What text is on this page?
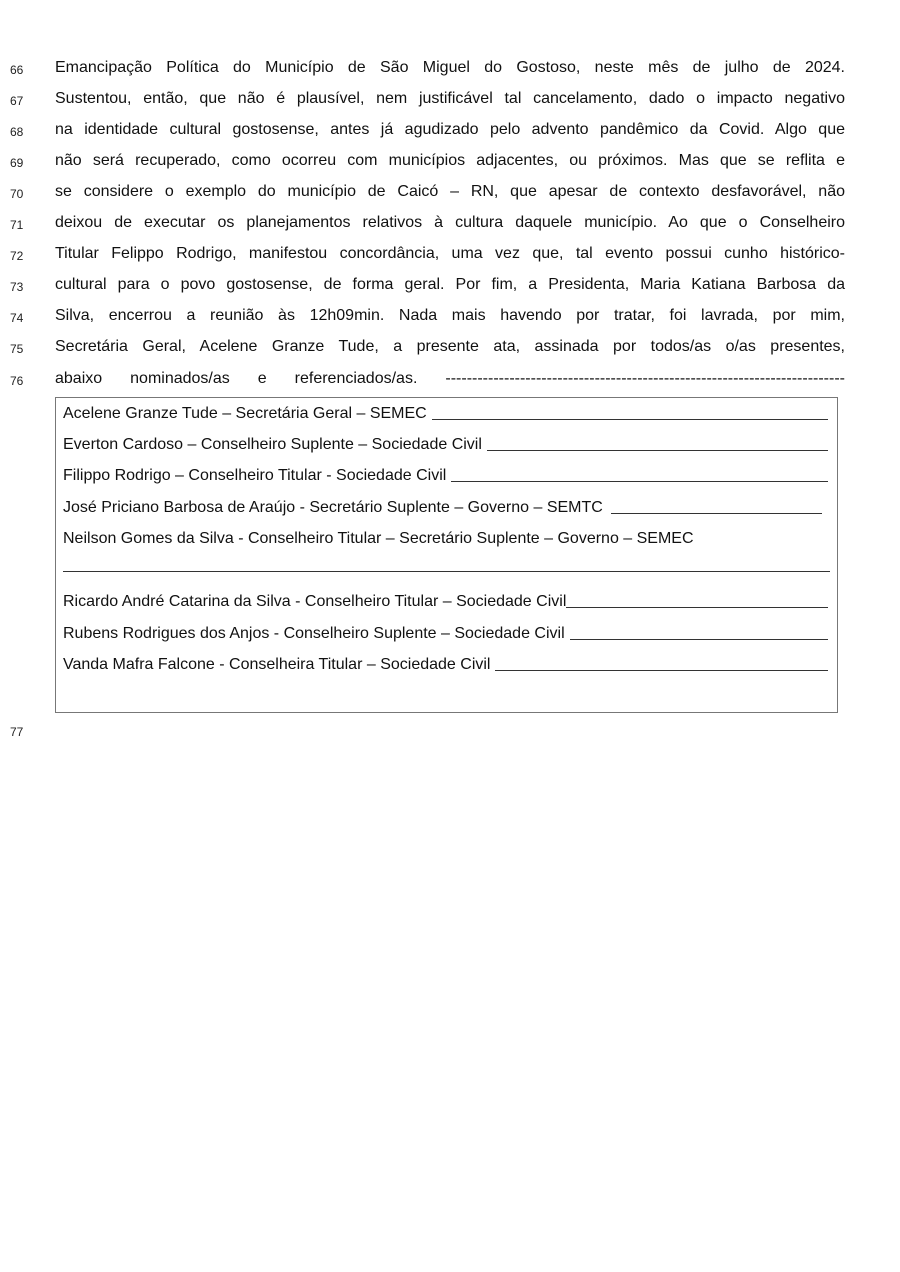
66 Emancipação Política do Município de São Miguel do Gostoso, neste mês de julho de 2024.
67 Sustentou, então, que não é plausível, nem justificável tal cancelamento, dado o impacto negativo
68 na identidade cultural gostosense, antes já agudizado pelo advento pandêmico da Covid. Algo que
69 não será recuperado, como ocorreu com municípios adjacentes, ou próximos. Mas que se reflita e
70 se considere o exemplo do município de Caicó – RN, que apesar de contexto desfavorável, não
71 deixou de executar os planejamentos relativos à cultura daquele município. Ao que o Conselheiro
72 Titular Felippo Rodrigo, manifestou concordância, uma vez que, tal evento possui cunho histórico-
73 cultural para o povo gostosense, de forma geral. Por fim, a Presidenta, Maria Katiana Barbosa da
74 Silva, encerrou a reunião às 12h09min. Nada mais havendo por tratar, foi lavrada, por mim,
75 Secretária Geral, Acelene Granze Tude, a presente ata, assinada por todos/as o/as presentes,
76 abaixo nominados/as e referenciados/as. ---------------------------------------------------------------------------
Acelene Granze Tude – Secretária Geral – SEMEC
Everton Cardoso – Conselheiro Suplente – Sociedade Civil
Filippo Rodrigo – Conselheiro Titular - Sociedade Civil
José Priciano Barbosa de Araújo - Secretário Suplente – Governo – SEMTC
Neilson Gomes da Silva - Conselheiro Titular – Secretário Suplente – Governo – SEMEC
Ricardo André Catarina da Silva - Conselheiro Titular – Sociedade Civil
Rubens Rodrigues dos Anjos - Conselheiro Suplente – Sociedade Civil
Vanda Mafra Falcone - Conselheira Titular – Sociedade Civil
77
